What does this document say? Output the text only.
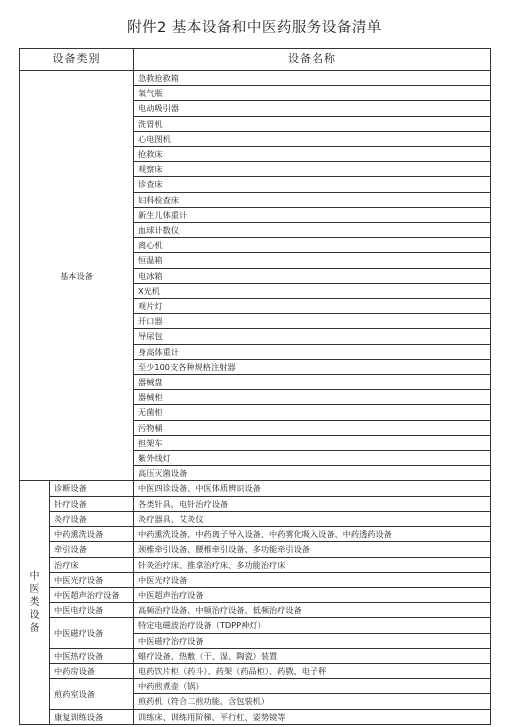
附件2 基本设备和中医药服务设备清单
设备类别		设备名称
基本设备		急救抢救箱
		氧气瓶
		电动吸引器
		洗胃机
		心电图机
		抢救床
		观察床
		诊查床
		妇科检查床
		新生儿体重计
		血球计数仪
		离心机
		恒温箱
		电冰箱
		X光机
		观片灯
		开口器
		导尿包
		身高体重计
		至少100支各种规格注射器
		器械盘
		器械柜
		无菌柜
		污物桶
		担架车
		紫外线灯
		高压灭菌设备

中医类设备	诊断设备	中医四诊设备、中医体质辨识设备
	针疗设备	各类针具，电针治疗设备
	灸疗设备	灸疗器具、艾灸仪
	中药熏洗设备	中药熏洗设备、中药离子导入设备、中药雾化吸入设备、中药透药设备
	牵引设备	颈椎牵引设备、腰椎牵引设备、多功能牵引设备
	治疗床	针灸治疗床、推拿治疗床、多功能治疗床
	中医光疗设备	中医光疗设备
	中医超声治疗设备	中医超声治疗设备
	中医电疗设备	高频治疗设备、中频治疗设备、低频治疗设备
	中医磁疗设备	特定电磁波治疗设备（TDPP神灯）
		中医磁疗治疗设备
	中医热疗设备	蜡疗设备、热敷（干、湿、陶瓷）装置
	中药房设备	电药饮片柜（药斗）、药架（药品柜）、药戥、电子秤
	煎药室设备	中药煎煮壶（锅）
		煎药机（符合二煎功能，含包装机）
	康复训练设备	训练床、训练用阶梯、平行杠、姿势镜等
